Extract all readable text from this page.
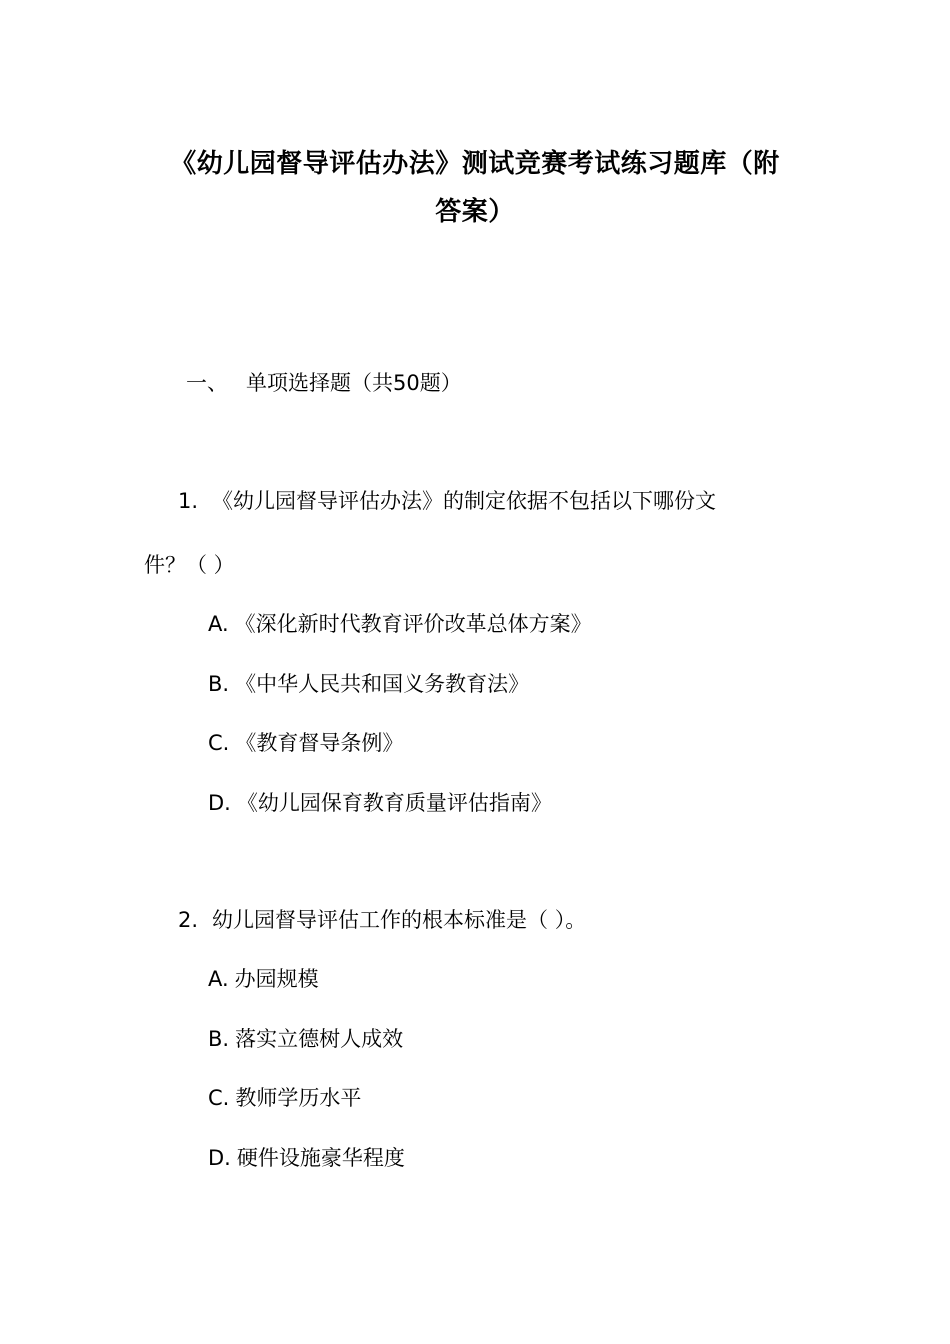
《幼儿园督导评估办法》测试竞赛考试练习题库（附
答案）
一、 单项选择题（共50题）
1. 《幼儿园督导评估办法》的制定依据不包括以下哪份文
件？（ ）
A. 《深化新时代教育评价改革总体方案》
B. 《中华人民共和国义务教育法》
C. 《教育督导条例》
D. 《幼儿园保育教育质量评估指南》
2. 幼儿园督导评估工作的根本标准是（ ）。
A. 办园规模
B. 落实立德树人成效
C. 教师学历水平
D. 硬件设施豪华程度
